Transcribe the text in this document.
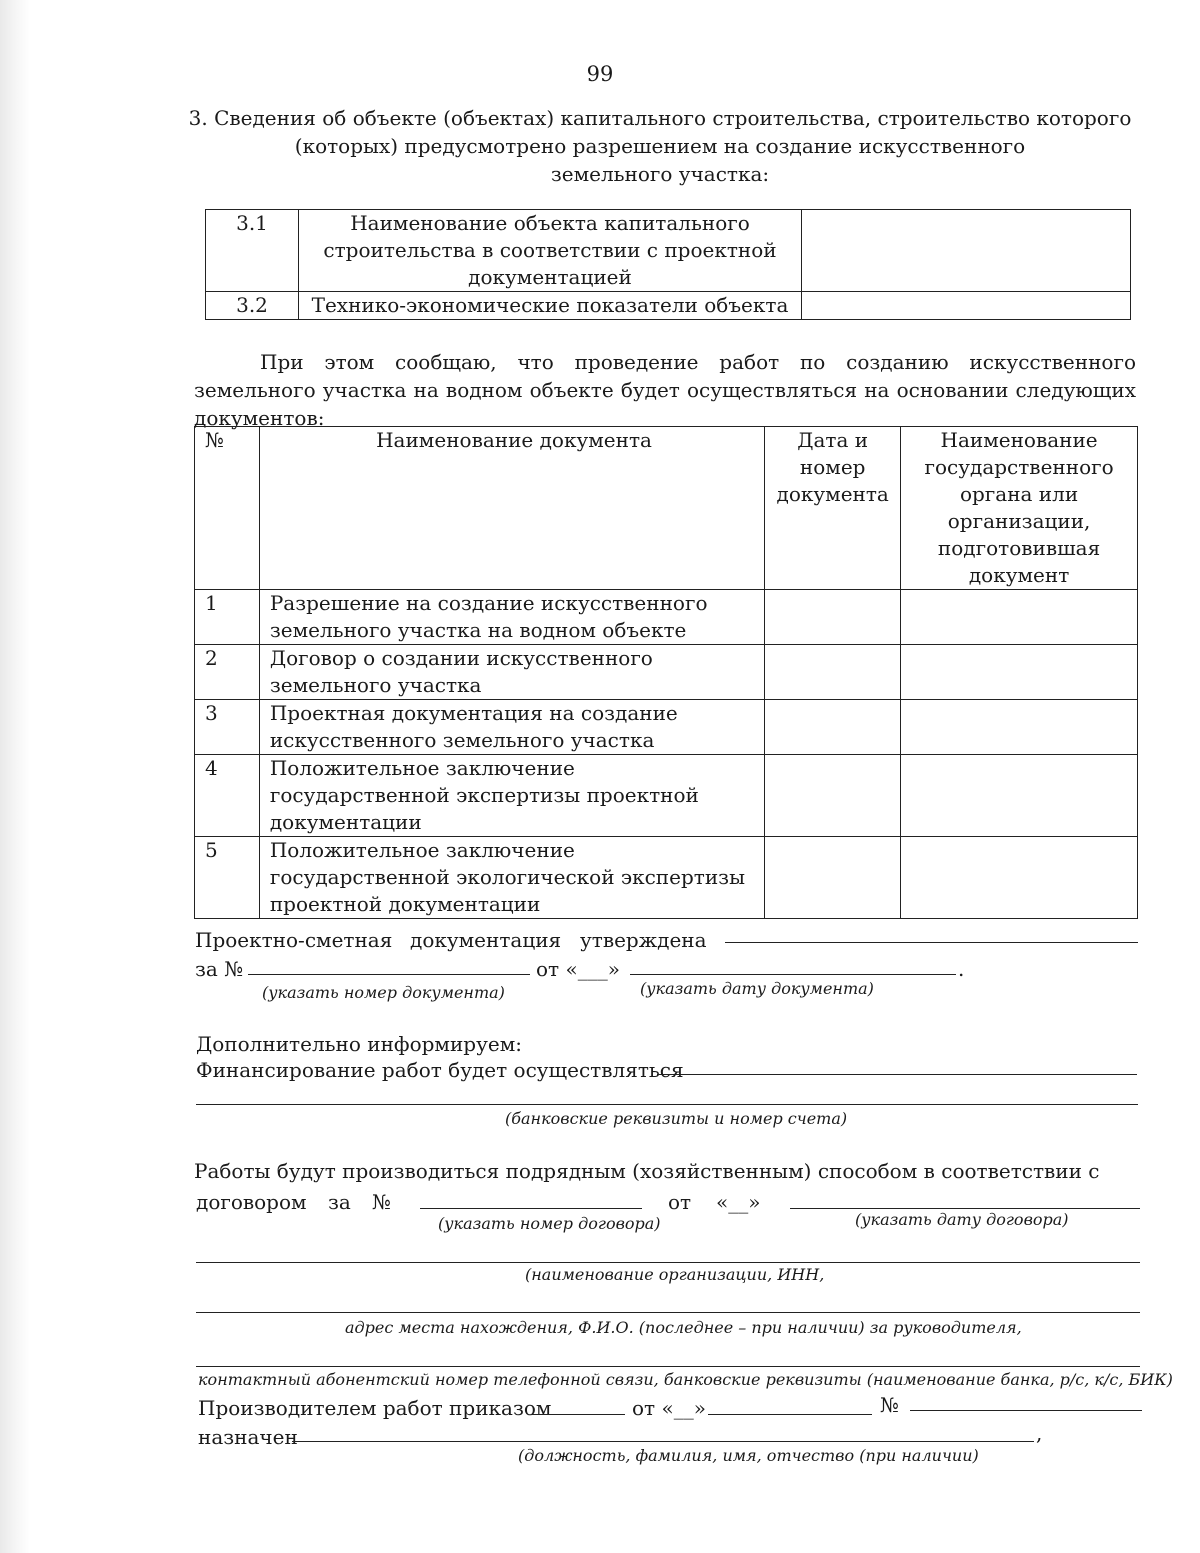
99
3. Сведения об объекте (объектах) капитального строительства, строительство которого
(которых) предусмотрено разрешением на создание искусственного
земельного участка:
3.1	Наименование объекта капитального строительства в соответствии с проектной документацией	
3.2	Технико-экономические показатели объекта	
При этом сообщаю, что проведение работ по созданию искусственного земельного участка на водном объекте будет осуществляться на основании следующих документов:
№	Наименование документа	Дата и номер документа	Наименование государственного органа или организации, подготовившая документ
1	Разрешение на создание искусственного земельного участка на водном объекте		
2	Договор о создании искусственного земельного участка		
3	Проектная документация на создание искусственного земельного участка		
4	Положительное заключение государственной экспертизы проектной документации		
5	Положительное заключение государственной экологической экспертизы проектной документации		
Проектно-сметная документация утверждена
за №	от «___»	.
(указать номер документа)	(указать дату документа)
Дополнительно информируем:
Финансирование работ будет осуществляться
(банковские реквизиты и номер счета)
Работы будут производиться подрядным (хозяйственным) способом в соответствии с
договором за №	от «__»
(указать номер договора)	(указать дату договора)
(наименование организации, ИНН,
адрес места нахождения, Ф.И.О. (последнее – при наличии) за руководителя,
контактный абонентский номер телефонной связи, банковские реквизиты (наименование банка, р/с, к/с, БИК)
Производителем работ приказом	от «__»	№
назначен	,
(должность, фамилия, имя, отчество (при наличии)
